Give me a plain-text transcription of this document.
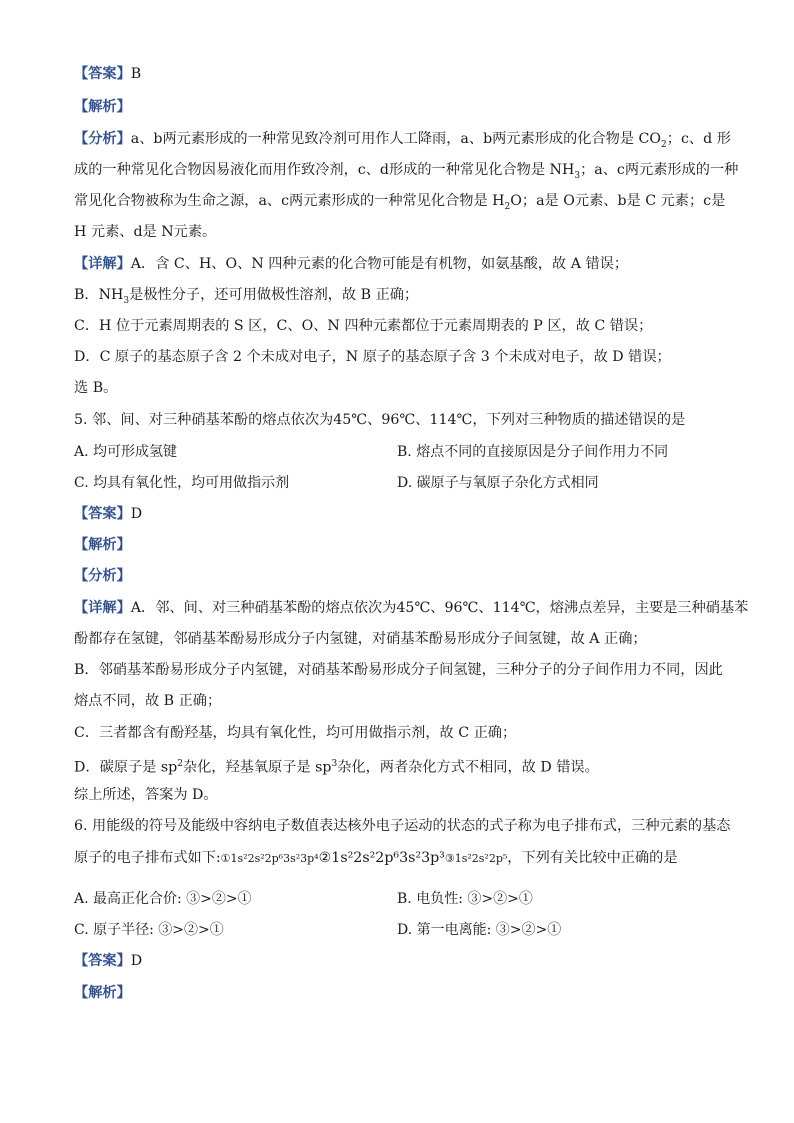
【答案】B
【解析】
【分析】a、b两元素形成的一种常见致冷剂可用作人工降雨，a、b两元素形成的化合物是 $CO_2$；c、d 形
成的一种常见化合物因易液化而用作致冷剂，c、d形成的一种常见化合物是 $NH_3$；a、c两元素形成的一种
常见化合物被称为生命之源，a、c两元素形成的一种常见化合物是 $H_2O$；a是 O元素、b是 C 元素；c是
H 元素、d是 N元素。
【详解】A．含 C、H、O、N 四种元素的化合物可能是有机物，如氨基酸，故 A 错误；
B．$NH_3$是极性分子，还可用做极性溶剂，故 B 正确；
C．H 位于元素周期表的 S 区，C、O、N 四种元素都位于元素周期表的 P 区，故 C 错误；
D．C 原子的基态原子含 2 个未成对电子，N 原子的基态原子含 3 个未成对电子，故 D 错误；
选 B。
5. 邻、间、对三种硝基苯酚的熔点依次为45℃、96℃、114℃，下列对三种物质的描述错误的是
A. 均可形成氢键	B. 熔点不同的直接原因是分子间作用力不同
C. 均具有氧化性，均可用做指示剂	D. 碳原子与氧原子杂化方式相同
【答案】D
【解析】
【分析】
【详解】A．邻、间、对三种硝基苯酚的熔点依次为45℃、96℃、114℃，熔沸点差异，主要是三种硝基苯
酚都存在氢键，邻硝基苯酚易形成分子内氢键，对硝基苯酚易形成分子间氢键，故 A 正确；
B．邻硝基苯酚易形成分子内氢键，对硝基苯酚易形成分子间氢键，三种分子的分子间作用力不同，因此
熔点不同，故 B 正确；
C．三者都含有酚羟基，均具有氧化性，均可用做指示剂，故 C 正确；
D．碳原子是 $sp^2$杂化，羟基氧原子是 $sp^3$杂化，两者杂化方式不相同，故 D 错误。
综上所述，答案为 D。
6. 用能级的符号及能级中容纳电子数值表达核外电子运动的状态的式子称为电子排布式，三种元素的基态
原子的电子排布式如下:①1s²2s²2p⁶3s²3p⁴②1s²2s²2p⁶3s²3p³③1s²2s²2p⁵，下列有关比较中正确的是
A. 最高正化合价: ③>②>①	B. 电负性: ③>②>①
C. 原子半径: ③>②>①	D. 第一电离能: ③>②>①
【答案】D
【解析】
